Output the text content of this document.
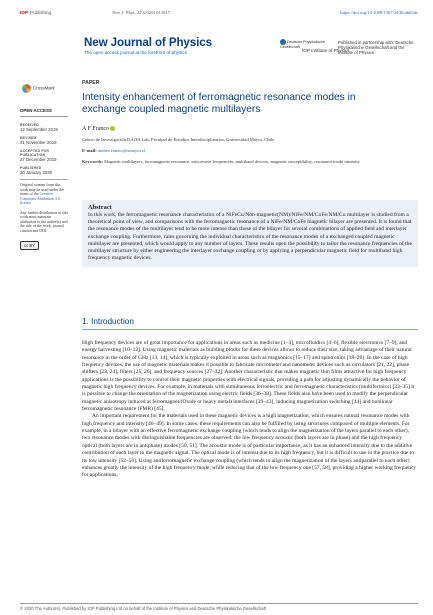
IOP Publishing	New J. Phys. 22 (2020) 013017	https://doi.org/10.1088/1367-2630/ab65dc
New Journal of Physics
The open access journal at the forefront of physics
Deutsche Physikalische Gesellschaft
IOP Institute of Physics
Published in partnership with: Deutsche Physikalische Gesellschaft and the Institute of Physics
CrossMark
OPEN ACCESS
RECEIVED
12 September 2019
REVISED
21 November 2019
ACCEPTED FOR PUBLICATION
27 December 2019
PUBLISHED
20 January 2020
Original content from this work may be used under the terms of the Creative Commons Attribution 3.0 licence.

Any further distribution of this work must maintain attribution to the author(s) and the title of the work, journal citation and DOI.
cc BY
PAPER
Intensity enhancement of ferromagnetic resonance modes in exchange coupled magnetic multilayers
A F Franco
Centro de Investigación DAiTA Lab, Facultad de Estudios Interdisciplinarios, Universidad Mayor, Chile
E-mail: andres.franco@umayor.cl
Keywords: Magnetic multilayers, ferromagnetic resonance, microwave frequencies, multiband devices, magnetic susceptibility, resonance mode intensity
Abstract
In this work, the ferromagnetic resonance characteristics of a NiFeCu/Non-magnetic(NM)/NiFe/NM/CoFe/NM/Cu multilayer is studied from a theoretical point of view, and comparisons with the ferromagnetic resonance of a NiFe/NM/CoFe magnetic bilayer are presented. It is found that the resonance modes of the multilayer tend to be more intense than those of the bilayer for several combinations of applied field and interlayer exchange coupling. Furthermore, rules governing the individual characteristics of the resonance modes of a exchanged coupled magnetic multilayer are presented, which would apply to any number of layers. These results open the possibility to tailor the resonance frequencies of the multilayer structure by either engineering the interlayer exchange coupling or by applying a perpendicular magnetic field for multiband high frequency magnetic devices.
1. Introduction
High frequency devices are of great importance for applications in areas such as medicine [1–3], microfluidics [4–6], flexible electronics [7–9], and energy harvesting [10–12]. Using magnetic materials as building blocks for these devices allows to reduce their size, taking advantage of their natural resonance in the order of GHz [13, 14], which is typically exploited in areas such as magnonics [15–17] and spintronics [18–20]. In the case of high frequency devices, the use of magnetic materials makes it possible to fabricate micrometer and nanometer devices such as circulators [21, 22], phase shifters [23, 24], filters [25, 26], and frequency sources [27–32]. Another characteristic that makes magnetic thin films attractive for high frequency applications is the possibility to control their magnetic properties with electrical signals, providing a path for adjusting dynamically the behavior of magnetic high frequency devices. For example, in materials with simultaneous ferroelectric and ferromagnetic characteristics (multiferroics) [33–35] it is possible to change the orientation of the magnetization using electric fields [36–38]. These fields also have been used to modify the perpendicular magnetic anisotropy induced at ferromagnet/(Oxide or heavy metal) interfaces [39–43], inducing magnetization switching [44] and nonlinear ferromagnetic resonance (FMR) [45].
An important requirement for the materials used in these magnetic devices is a high magnetization, which ensures natural resonance modes with high frequency and intensity [46–49]. In some cases, these requirements can also be fulfilled by using structures composed of multiple elements. For example, in a bilayer with an effective ferromagnetic exchange coupling (which tends to align the magnetization of the layers parallel to each other), two resonance modes with distinguishable frequencies are observed: the low frequency acoustic (both layers are in phase) and the high frequency optical (both layers are in antiphase) modes [50, 51]. The acoustic mode is of particular importance, as it has an enhanced intensity due to the additive contribution of each layer to the magnetic signal. The optical mode is of interest due to its high frequency, but it is difficult to use in the practice due to its low intensity [52–56]. Using antiferromagnetic exchange coupling (which tends to align the magnetization of the layers antiparallel to each other) enhances greatly the intensity of the high frequency mode, while reducing that of the low frequency one [57, 58], providing a higher working frequency for applications,
© 2020 The Author(s). Published by IOP Publishing Ltd on behalf of the Institute of Physics and Deutsche Physikalische Gesellschaft
